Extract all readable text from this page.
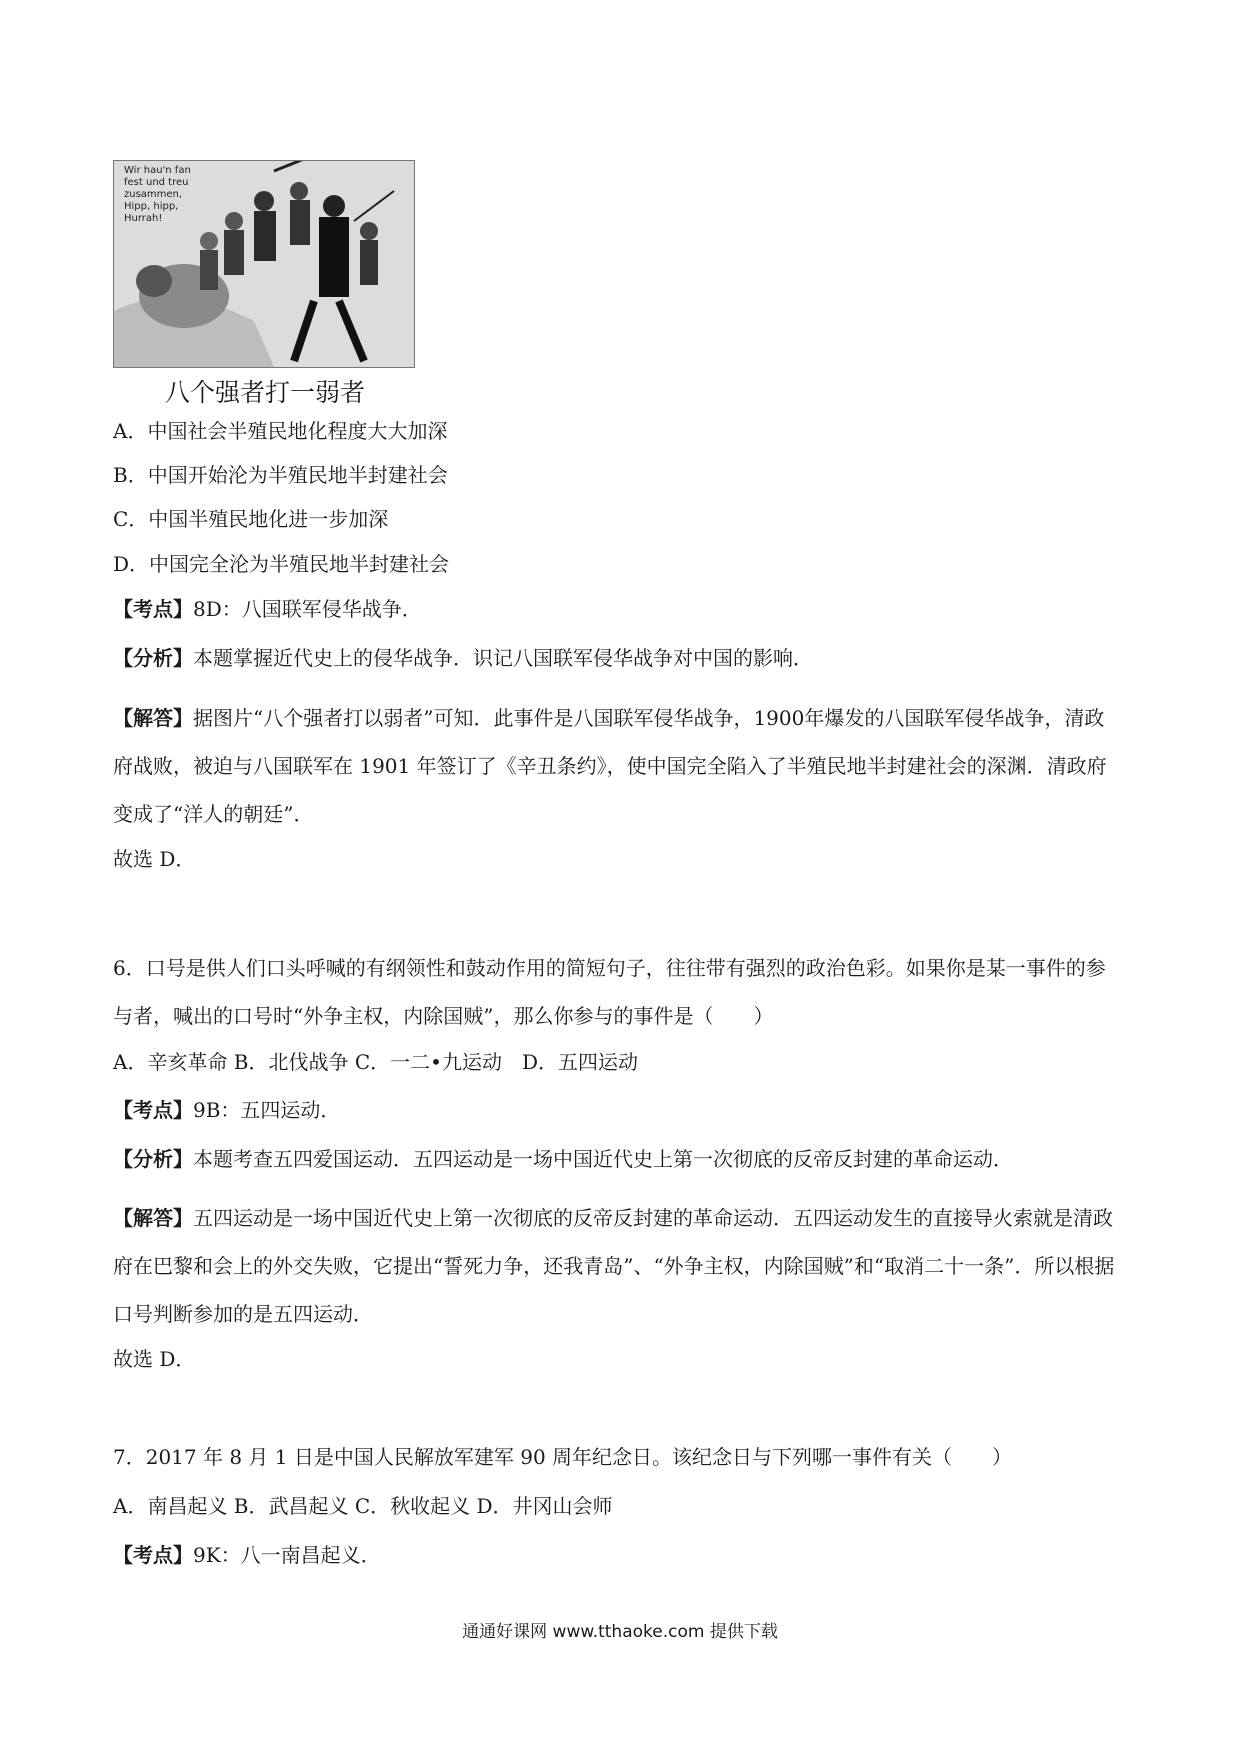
Wir hau'n fan
fest und treu
zusammen,
Hipp, hipp,
Hurrah!
八个强者打一弱者
A．中国社会半殖民地化程度大大加深
B．中国开始沦为半殖民地半封建社会
C．中国半殖民地化进一步加深
D．中国完全沦为半殖民地半封建社会
【考点】8D：八国联军侵华战争．
【分析】本题掌握近代史上的侵华战争．识记八国联军侵华战争对中国的影响．
【解答】据图片“八个强者打以弱者”可知．此事件是八国联军侵华战争，1900年爆发的八国联军侵华战争，清政府战败，被迫与八国联军在 1901 年签订了《辛丑条约》，使中国完全陷入了半殖民地半封建社会的深渊．清政府变成了“洋人的朝廷”．
故选 D．
6．口号是供人们口头呼喊的有纲领性和鼓动作用的简短句子，往往带有强烈的政治色彩。如果你是某一事件的参与者，喊出的口号时“外争主权，内除国贼”，那么你参与的事件是（　　）
A．辛亥革命 B．北伐战争 C．一二•九运动　D．五四运动
【考点】9B：五四运动．
【分析】本题考查五四爱国运动．五四运动是一场中国近代史上第一次彻底的反帝反封建的革命运动．
【解答】五四运动是一场中国近代史上第一次彻底的反帝反封建的革命运动．五四运动发生的直接导火索就是清政府在巴黎和会上的外交失败，它提出“誓死力争，还我青岛”、“外争主权，内除国贼”和“取消二十一条”．所以根据口号判断参加的是五四运动．
故选 D．
7．2017 年 8 月 1 日是中国人民解放军建军 90 周年纪念日。该纪念日与下列哪一事件有关（　　）
A．南昌起义 B．武昌起义 C．秋收起义 D．井冈山会师
【考点】9K：八一南昌起义．
通通好课网 www.tthaoke.com 提供下载
